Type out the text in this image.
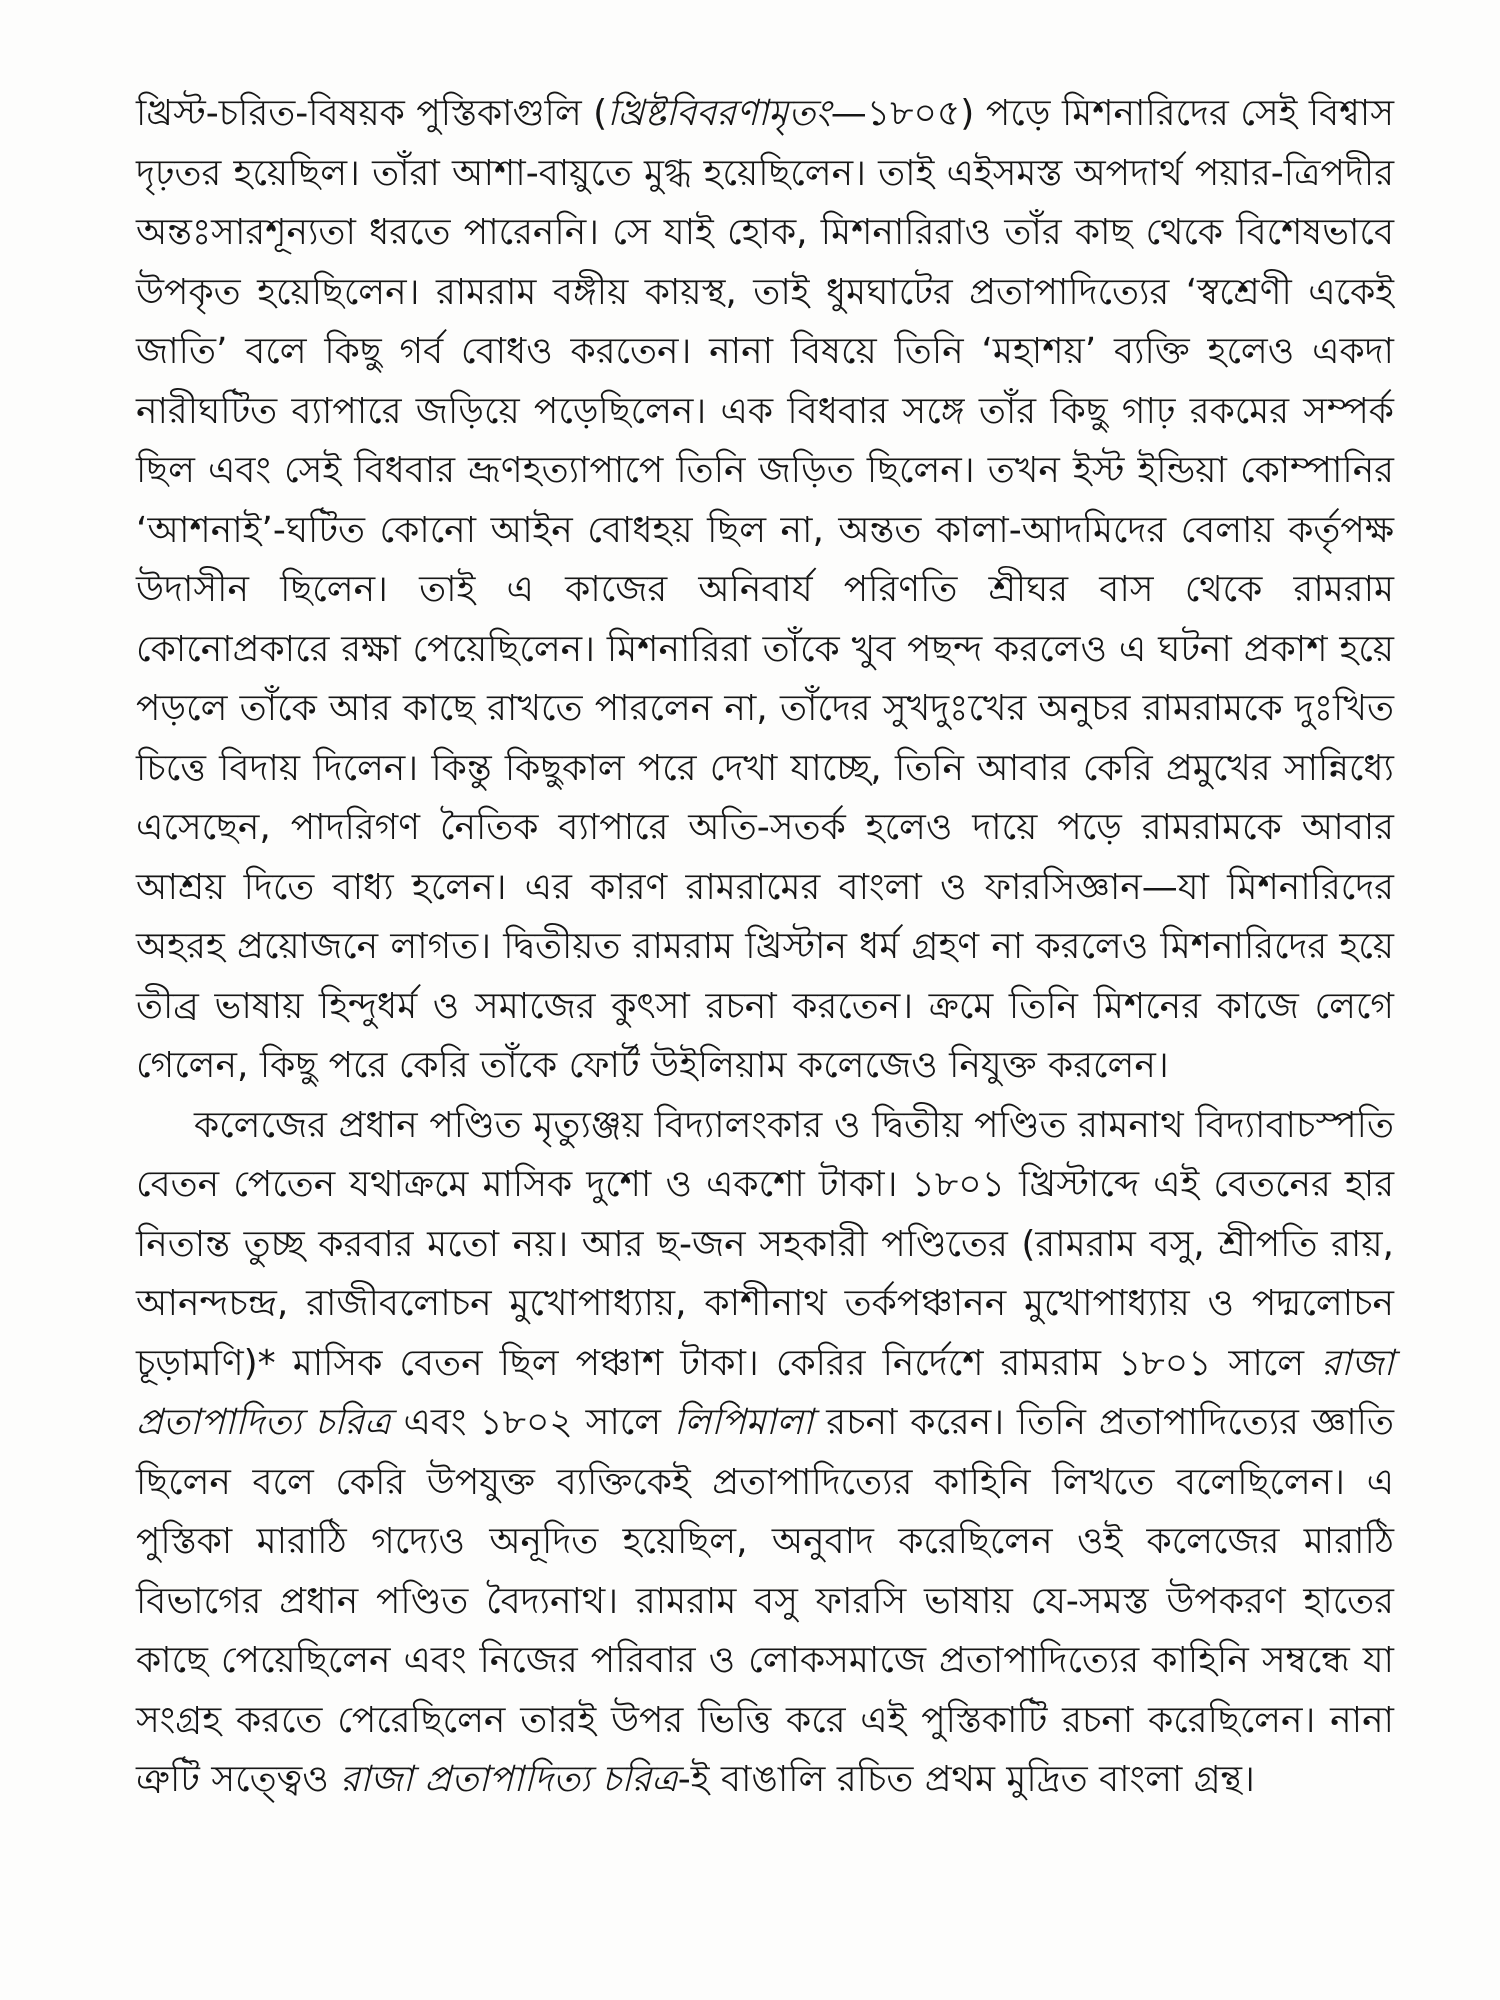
খ্রিস্ট-চরিত-বিষয়ক পুস্তিকাগুলি (খ্রিষ্টবিবরণামৃতং—১৮০৫) পড়ে মিশনারিদের সেই বিশ্বাস দৃঢ়তর হয়েছিল। তাঁরা আশা-বায়ুতে মুগ্ধ হয়েছিলেন। তাই এইসমস্ত অপদার্থ পয়ার-ত্রিপদীর অন্তঃসারশূন্যতা ধরতে পারেননি। সে যাই হোক, মিশনারিরাও তাঁর কাছ থেকে বিশেষভাবে উপকৃত হয়েছিলেন। রামরাম বঙ্গীয় কায়স্থ, তাই ধুমঘাটের প্রতাপাদিত্যের ‘স্বশ্রেণী একেই জাতি’ বলে কিছু গর্ব বোধও করতেন। নানা বিষয়ে তিনি ‘মহাশয়’ ব্যক্তি হলেও একদা নারীঘটিত ব্যাপারে জড়িয়ে পড়েছিলেন। এক বিধবার সঙ্গে তাঁর কিছু গাঢ় রকমের সম্পর্ক ছিল এবং সেই বিধবার ভ্রূণহত্যাপাপে তিনি জড়িত ছিলেন। তখন ইস্ট ইন্ডিয়া কোম্পানির ‘আশনাই’-ঘটিত কোনো আইন বোধহয় ছিল না, অন্তত কালা-আদমিদের বেলায় কর্তৃপক্ষ উদাসীন ছিলেন। তাই এ কাজের অনিবার্য পরিণতি শ্রীঘর বাস থেকে রামরাম কোনোপ্রকারে রক্ষা পেয়েছিলেন। মিশনারিরা তাঁকে খুব পছন্দ করলেও এ ঘটনা প্রকাশ হয়ে পড়লে তাঁকে আর কাছে রাখতে পারলেন না, তাঁদের সুখদুঃখের অনুচর রামরামকে দুঃখিত চিত্তে বিদায় দিলেন। কিন্তু কিছুকাল পরে দেখা যাচ্ছে, তিনি আবার কেরি প্রমুখের সান্নিধ্যে এসেছেন, পাদরিগণ নৈতিক ব্যাপারে অতি-সতর্ক হলেও দায়ে পড়ে রামরামকে আবার আশ্রয় দিতে বাধ্য হলেন। এর কারণ রামরামের বাংলা ও ফারসিজ্ঞান—যা মিশনারিদের অহরহ প্রয়োজনে লাগত। দ্বিতীয়ত রামরাম খ্রিস্টান ধর্ম গ্রহণ না করলেও মিশনারিদের হয়ে তীব্র ভাষায় হিন্দুধর্ম ও সমাজের কুৎসা রচনা করতেন। ক্রমে তিনি মিশনের কাজে লেগে গেলেন, কিছু পরে কেরি তাঁকে ফোর্ট উইলিয়াম কলেজেও নিযুক্ত করলেন।

কলেজের প্রধান পণ্ডিত মৃত্যুঞ্জয় বিদ্যালংকার ও দ্বিতীয় পণ্ডিত রামনাথ বিদ্যাবাচস্পতি বেতন পেতেন যথাক্রমে মাসিক দুশো ও একশো টাকা। ১৮০১ খ্রিস্টাব্দে এই বেতনের হার নিতান্ত তুচ্ছ করবার মতো নয়। আর ছ-জন সহকারী পণ্ডিতের (রামরাম বসু, শ্রীপতি রায়, আনন্দচন্দ্র, রাজীবলোচন মুখোপাধ্যায়, কাশীনাথ তর্কপঞ্চানন মুখোপাধ্যায় ও পদ্মলোচন চূড়ামণি)* মাসিক বেতন ছিল পঞ্চাশ টাকা। কেরির নির্দেশে রামরাম ১৮০১ সালে রাজা প্রতাপাদিত্য চরিত্র এবং ১৮০২ সালে লিপিমালা রচনা করেন। তিনি প্রতাপাদিত্যের জ্ঞাতি ছিলেন বলে কেরি উপযুক্ত ব্যক্তিকেই প্রতাপাদিত্যের কাহিনি লিখতে বলেছিলেন। এ পুস্তিকা মারাঠি গদ্যেও অনূদিত হয়েছিল, অনুবাদ করেছিলেন ওই কলেজের মারাঠি বিভাগের প্রধান পণ্ডিত বৈদ্যনাথ। রামরাম বসু ফারসি ভাষায় যে-সমস্ত উপকরণ হাতের কাছে পেয়েছিলেন এবং নিজের পরিবার ও লোকসমাজে প্রতাপাদিত্যের কাহিনি সম্বন্ধে যা সংগ্রহ করতে পেরেছিলেন তারই উপর ভিত্তি করে এই পুস্তিকাটি রচনা করেছিলেন। নানা ত্রুটি সত্ত্বেও রাজা প্রতাপাদিত্য চরিত্র-ই বাঙালি রচিত প্রথম মুদ্রিত বাংলা গ্রন্থ।
